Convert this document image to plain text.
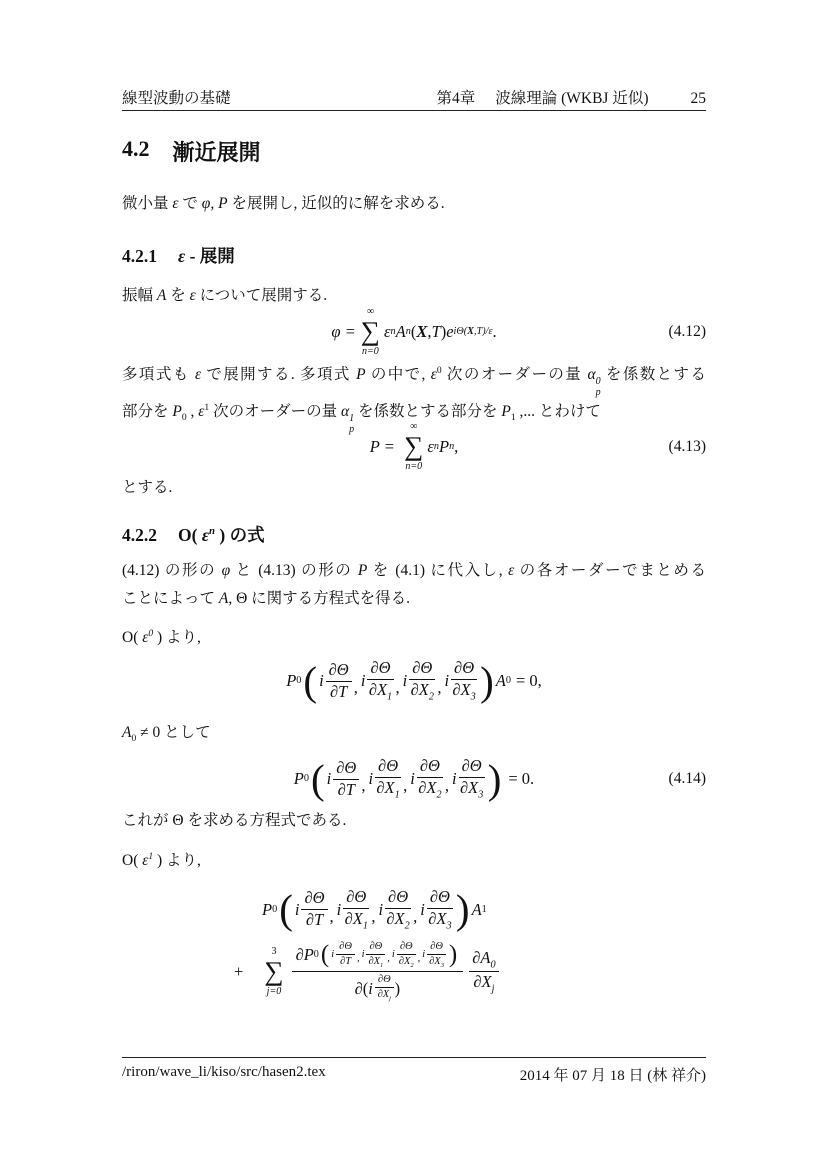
線型波動の基礎	第4章 波線理論 (WKBJ 近似)	25
4.2 漸近展開
微小量 ε で φ, P を展開し, 近似的に解を求める.
4.2.1 ε - 展開
振幅 A を ε について展開する.
φ =
∞
∑
n=0
ε n A n ( X , T ) e iΘ(X,T)/ε .	(4.12)
多項式も ε で展開する. 多項式 P の中で, $\varepsilon^0$ 次のオーダーの量 α 0
p
を係数とする
部分を $P_0$ , $\varepsilon^1$ 次のオーダーの量 α 1
p
を係数とする部分を $P_1$ ,... とわけて
P =
∞
∑
n=0
ε n P n ,	(4.13)
とする.
4.2.2 O( $\varepsilon^n$ ) の式
(4.12) の形の φ と (4.13) の形の P を (4.1) に代入し, ε の各オーダーでまとめる
ことによって A, Θ に関する方程式を得る.
O( $\varepsilon^0$ ) より,
P 0 ( i $\frac{\partial\Theta}{\partial T}$ , i $\frac{\partial\Theta}{\partial X_1}$ , i $\frac{\partial\Theta}{\partial X_2}$ , i $\frac{\partial\Theta}{\partial X_3}$ ) A 0 = 0,
$A_0 \ne 0$ として
P 0 ( i $\frac{\partial\Theta}{\partial T}$ , i $\frac{\partial\Theta}{\partial X_1}$ , i $\frac{\partial\Theta}{\partial X_2}$ , i $\frac{\partial\Theta}{\partial X_3}$ ) = 0.	(4.14)
これが Θ を求める方程式である.
O( $\varepsilon^1$ ) より,
P 0 ( i $\frac{\partial\Theta}{\partial T}$ , i $\frac{\partial\Theta}{\partial X_1}$ , i $\frac{\partial\Theta}{\partial X_2}$ , i $\frac{\partial\Theta}{\partial X_3}$ ) A 1
+
3
∑
j=0
∂P 0 ( i $\frac{\partial\Theta}{\partial T}$ , i $\frac{\partial\Theta}{\partial X_1}$ , i $\frac{\partial\Theta}{\partial X_2}$ , i $\frac{\partial\Theta}{\partial X_3}$ )
∂( i $\frac{\partial\Theta}{\partial X_j}$ )	$\frac{\partial A_0}{\partial X_j}$
/riron/wave_li/kiso/src/hasen2.tex	2014 年 07 月 18 日 (林 祥介)
